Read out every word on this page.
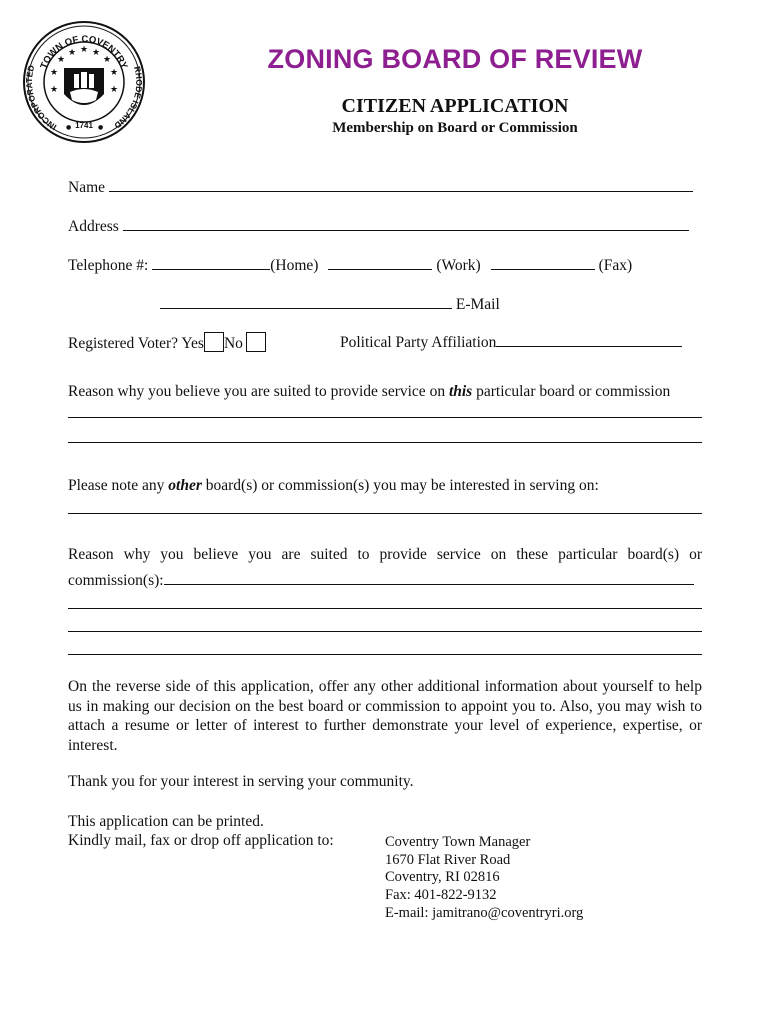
TOWN OF COVENTRY
INCORPORATED	RHODE ISLAND
★
★ ★ ★
★
★	★
★	★
1741
●	●
ZONING BOARD OF REVIEW
CITIZEN APPLICATION
Membership on Board or Commission
Name
Address
Telephone #:	(Home)	(Work)	(Fax)
E-Mail
Registered Voter? Yes No	Political Party Affiliation
Reason why you believe you are suited to provide service on this particular board or commission
Please note any other board(s) or commission(s) you may be interested in serving on:
Reason why you believe you are suited to provide service on these particular board(s) or
commission(s):
On the reverse side of this application, offer any other additional information about yourself to help us in making our decision on the best board or commission to appoint you to. Also, you may wish to attach a resume or letter of interest to further demonstrate your level of experience, expertise, or interest.
Thank you for your interest in serving your community.
This application can be printed.
Kindly mail, fax or drop off application to:	Coventry Town Manager
1670 Flat River Road
Coventry, RI 02816
Fax: 401-822-9132
E-mail: jamitrano@coventryri.org
